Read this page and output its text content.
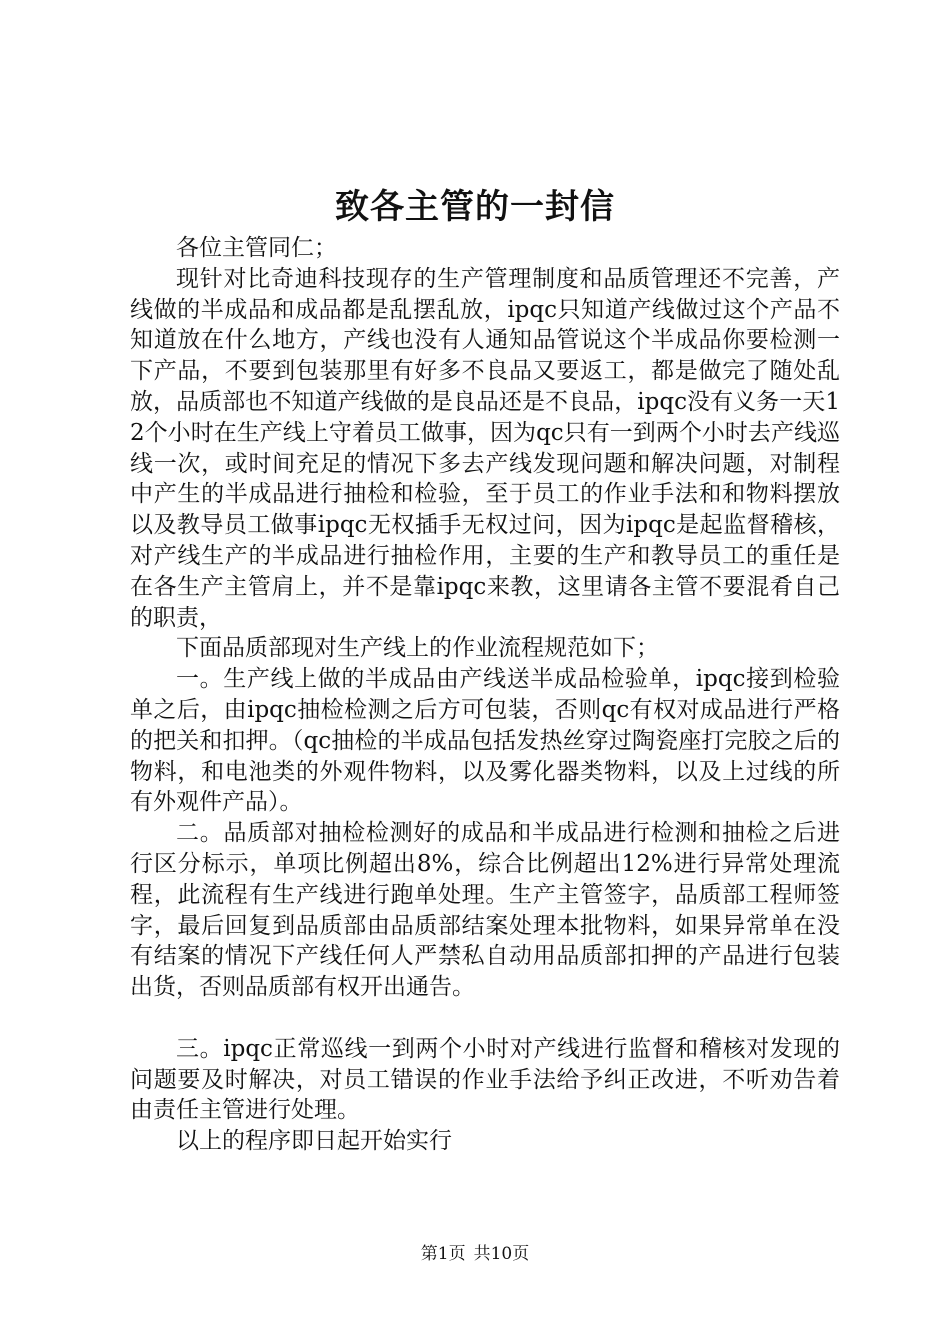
致各主管的一封信

各位主管同仁；

现针对比奇迪科技现存的生产管理制度和品质管理还不完善，产线做的半成品和成品都是乱摆乱放，ipqc只知道产线做过这个产品不知道放在什么地方，产线也没有人通知品管说这个半成品你要检测一下产品，不要到包装那里有好多不良品又要返工，都是做完了随处乱放，品质部也不知道产线做的是良品还是不良品，ipqc没有义务一天12个小时在生产线上守着员工做事，因为qc只有一到两个小时去产线巡线一次，或时间充足的情况下多去产线发现问题和解决问题，对制程中产生的半成品进行抽检和检验，至于员工的作业手法和和物料摆放以及教导员工做事ipqc无权插手无权过问，因为ipqc是起监督稽核，对产线生产的半成品进行抽检作用，主要的生产和教导员工的重任是在各生产主管肩上，并不是靠ipqc来教，这里请各主管不要混肴自己的职责，

下面品质部现对生产线上的作业流程规范如下；

一。生产线上做的半成品由产线送半成品检验单，ipqc接到检验单之后，由ipqc抽检检测之后方可包装，否则qc有权对成品进行严格的把关和扣押。（qc抽检的半成品包括发热丝穿过陶瓷座打完胶之后的物料，和电池类的外观件物料，以及雾化器类物料，以及上过线的所有外观件产品）。

二。品质部对抽检检测好的成品和半成品进行检测和抽检之后进行区分标示，单项比例超出8%，综合比例超出12%进行异常处理流程，此流程有生产线进行跑单处理。生产主管签字，品质部工程师签字，最后回复到品质部由品质部结案处理本批物料，如果异常单在没有结案的情况下产线任何人严禁私自动用品质部扣押的产品进行包装出货，否则品质部有权开出通告。

三。ipqc正常巡线一到两个小时对产线进行监督和稽核对发现的问题要及时解决，对员工错误的作业手法给予纠正改进，不听劝告着由责任主管进行处理。

以上的程序即日起开始实行

第1页 共10页
